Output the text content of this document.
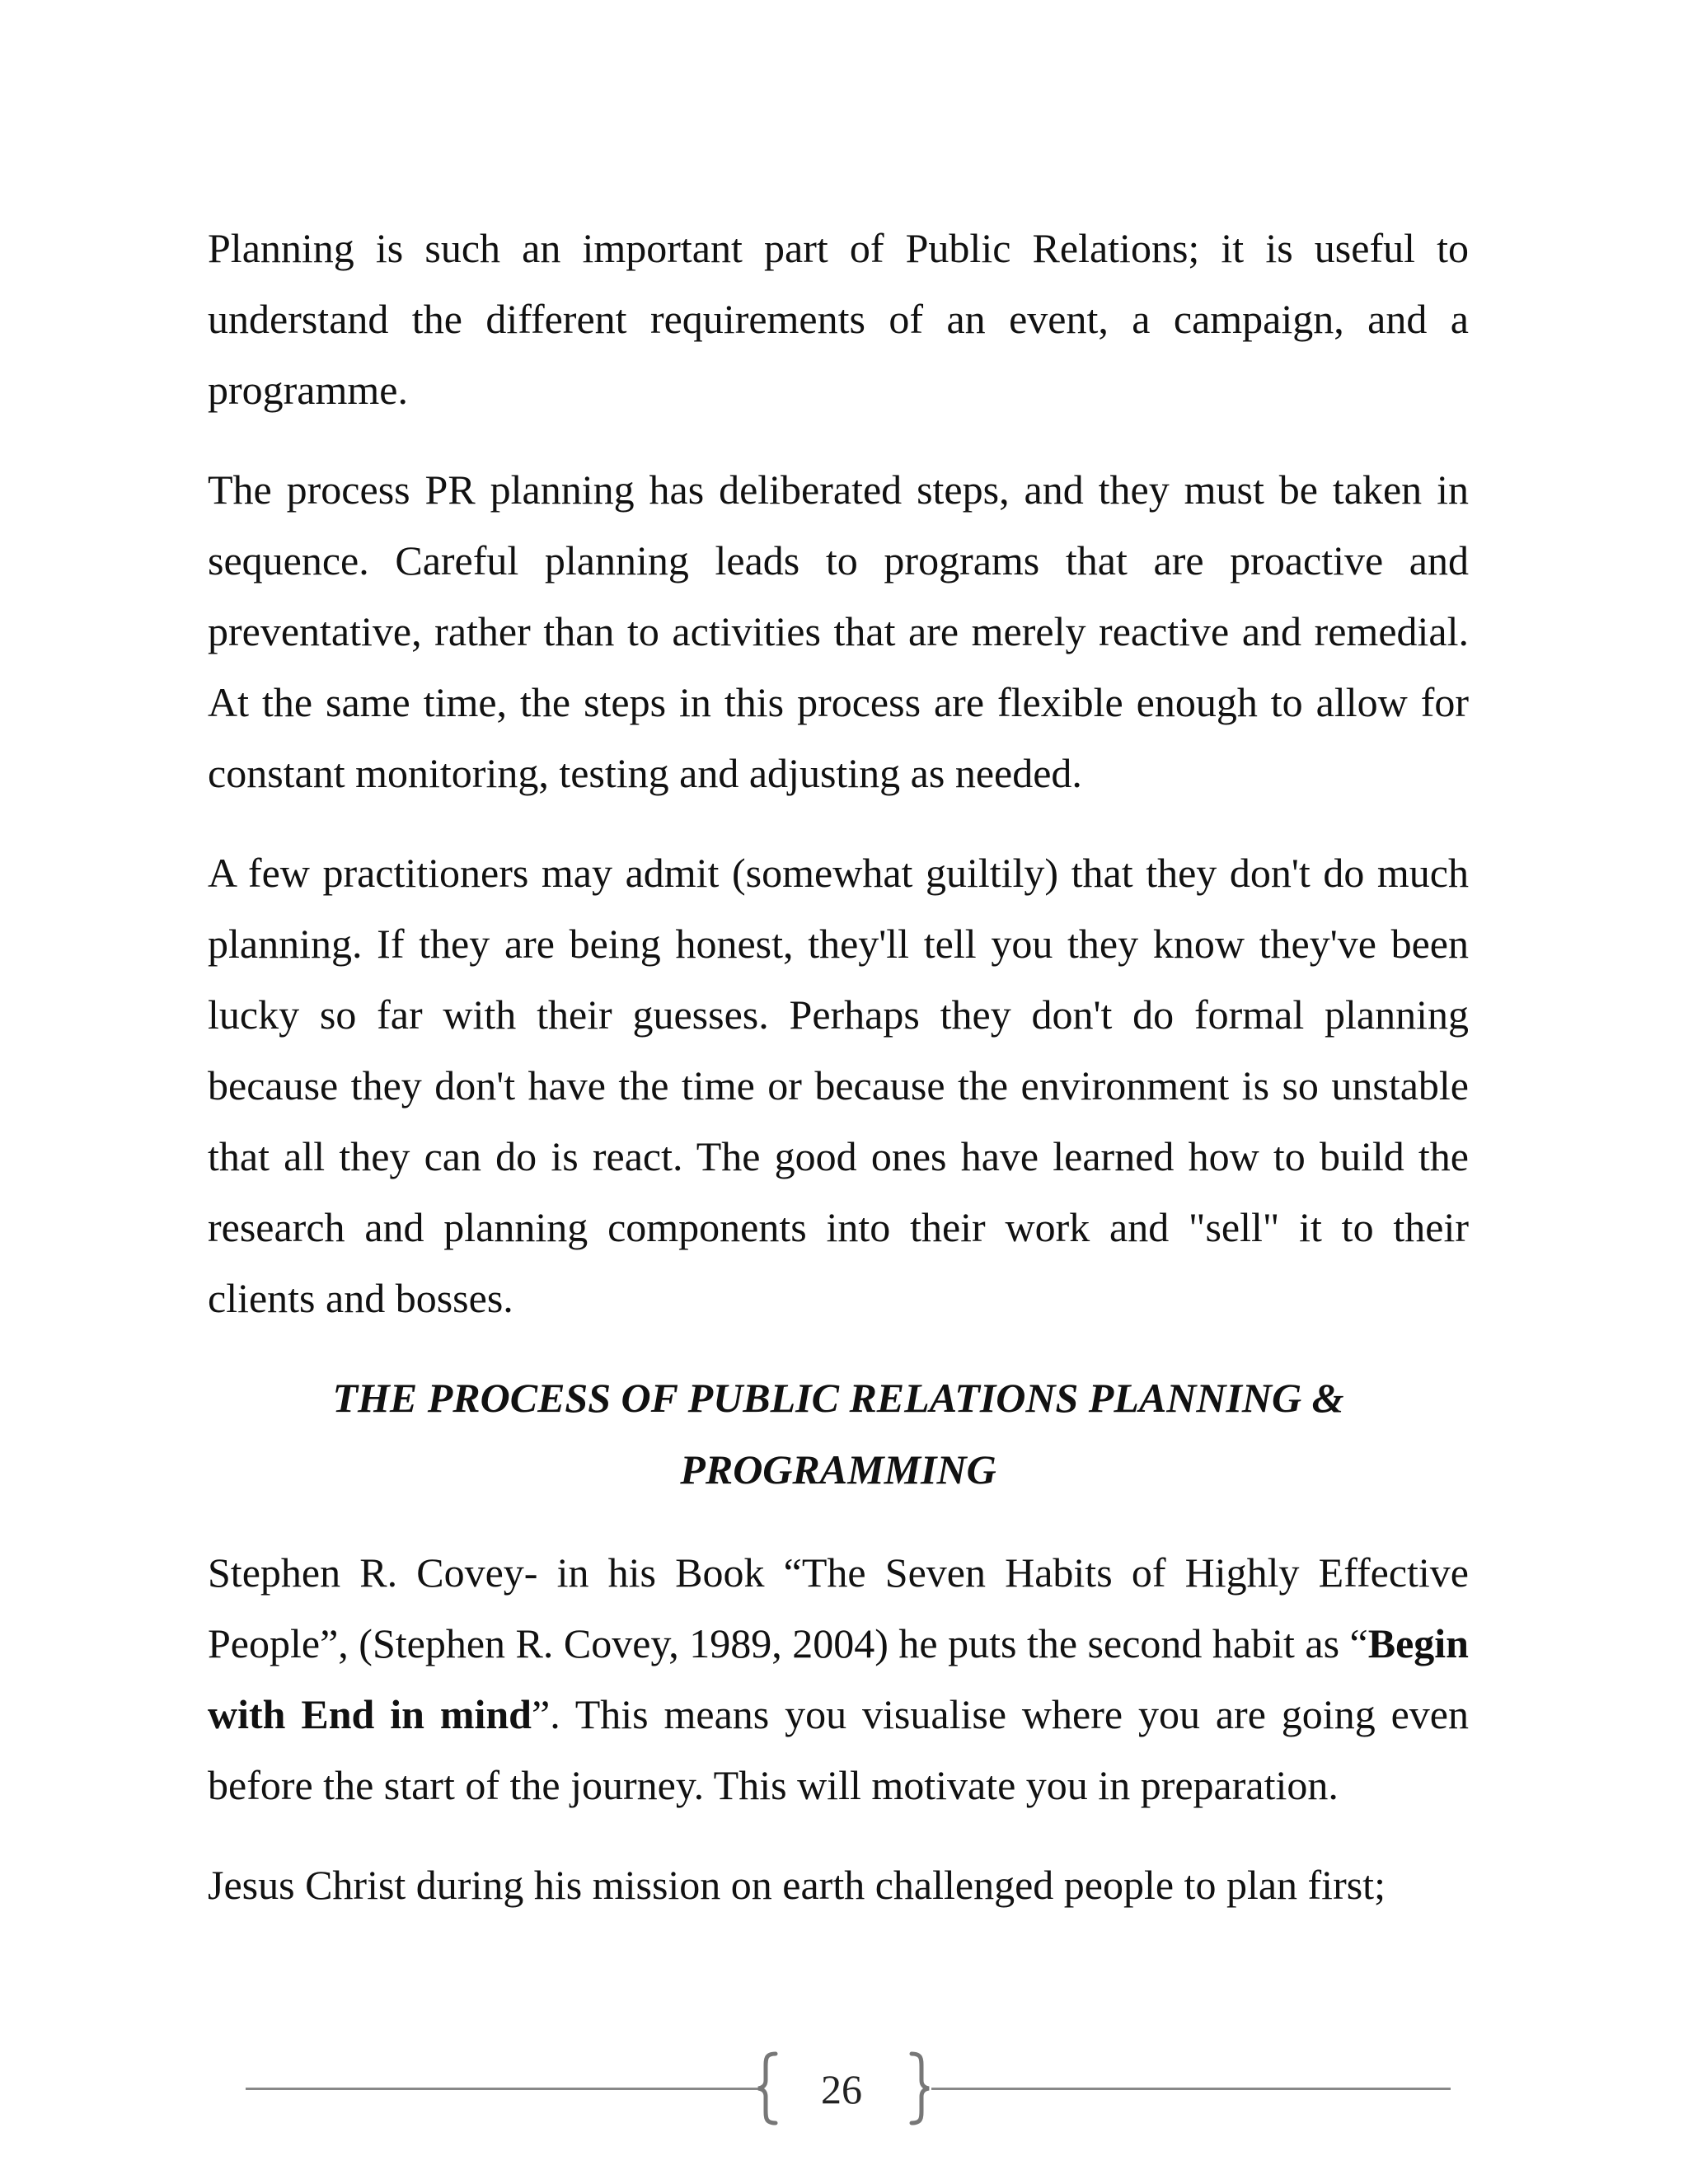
Planning is such an important part of Public Relations; it is useful to understand the different requirements of an event, a campaign, and a programme.

The process PR planning has deliberated steps, and they must be taken in sequence. Careful planning leads to programs that are proactive and preventative, rather than to activities that are merely reactive and remedial. At the same time, the steps in this process are flexible enough to allow for constant monitoring, testing and adjusting as needed.

A few practitioners may admit (somewhat guiltily) that they don't do much planning. If they are being honest, they'll tell you they know they've been lucky so far with their guesses. Perhaps they don't do formal planning because they don't have the time or because the environment is so unstable that all they can do is react. The good ones have learned how to build the research and planning components into their work and "sell" it to their clients and bosses.

THE PROCESS OF PUBLIC RELATIONS PLANNING &
PROGRAMMING

Stephen R. Covey- in his Book “The Seven Habits of Highly Effective People”, (Stephen R. Covey, 1989, 2004) he puts the second habit as “Begin with End in mind”. This means you visualise where you are going even before the start of the journey. This will motivate you in preparation.

Jesus Christ during his mission on earth challenged people to plan first;

26
